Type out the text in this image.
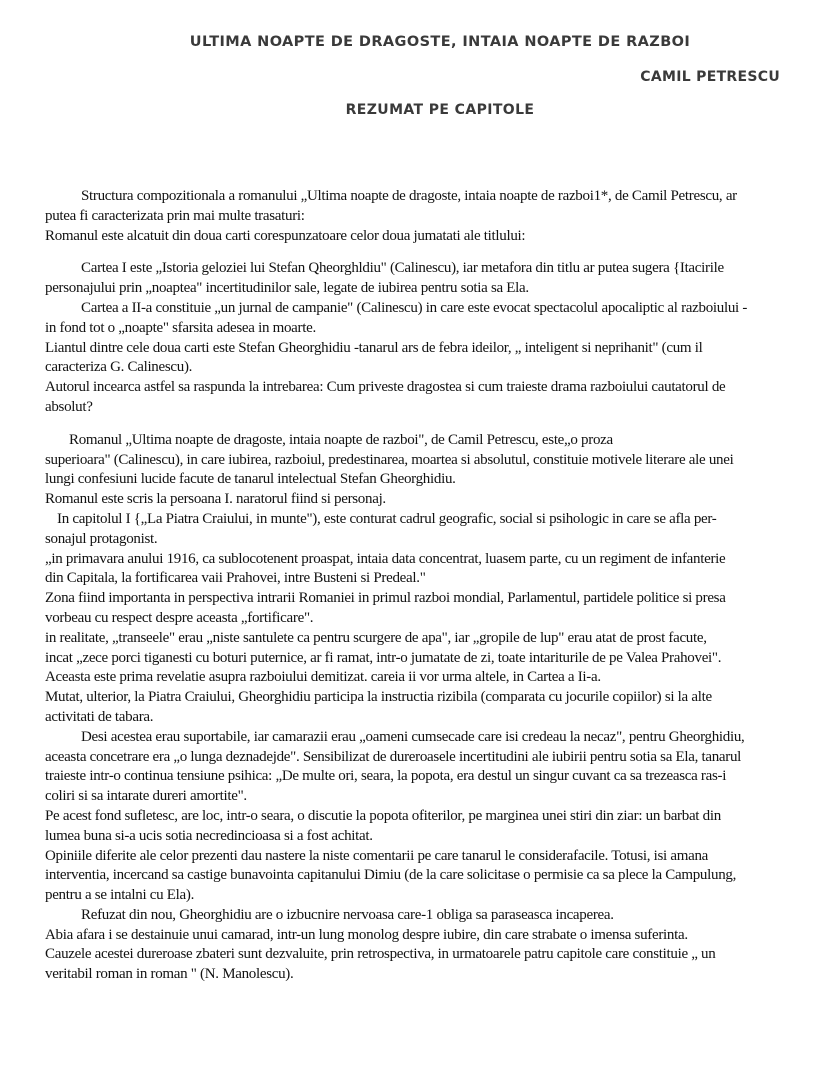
ULTIMA NOAPTE DE DRAGOSTE, INTAIA NOAPTE DE RAZBOI
CAMIL PETRESCU
REZUMAT PE CAPITOLE
Structura compozitionala a romanului „Ultima noapte de dragoste, intaia noapte de razboi1*, de Camil Petrescu, ar
putea fi caracterizata prin mai multe trasaturi:
Romanul este alcatuit din doua carti corespunzatoare celor doua jumatati ale titlului:
Cartea I este „Istoria geloziei lui Stefan Qheorghldiu" (Calinescu), iar metafora din titlu ar putea sugera {Itacirile
personajului prin „noaptea" incertitudinilor sale, legate de iubirea pentru sotia sa Ela.
Cartea a II-a constituie „un jurnal de campanie" (Calinescu) in care este evocat spectacolul apocaliptic al razboiului -
in fond tot o „noapte" sfarsita adesea in moarte.
Liantul dintre cele doua carti este Stefan Gheorghidiu -tanarul ars de febra ideilor, „ inteligent si neprihanit" (cum il
caracteriza G. Calinescu).
Autorul incearca astfel sa raspunda la intrebarea: Cum priveste dragostea si cum traieste drama razboiului cautatorul de
absolut?
Romanul „Ultima noapte de dragoste, intaia noapte de razboi", de Camil Petrescu, este„o proza
superioara" (Calinescu), in care iubirea, razboiul, predestinarea, moartea si absolutul, constituie motivele literare ale unei
lungi confesiuni lucide facute de tanarul intelectual Stefan Gheorghidiu.
Romanul este scris la persoana I. naratorul fiind si personaj.
In capitolul I {„La Piatra Craiului, in munte"), este conturat cadrul geografic, social si psihologic in care se afla per-
sonajul protagonist.
„in primavara anului 1916, ca sublocotenent proaspat, intaia data concentrat, luasem parte, cu un regiment de infanterie
din Capitala, la fortificarea vaii Prahovei, intre Busteni si Predeal."
Zona fiind importanta in perspectiva intrarii Romaniei in primul razboi mondial, Parlamentul, partidele politice si presa
vorbeau cu respect despre aceasta „fortificare".
in realitate, „transeele" erau „niste santulete ca pentru scurgere de apa", iar „gropile de lup" erau atat de prost facute,
incat „zece porci tiganesti cu boturi puternice, ar fi ramat, intr-o jumatate de zi, toate intariturile de pe Valea Prahovei".
Aceasta este prima revelatie asupra razboiului demitizat. careia ii vor urma altele, in Cartea a Ii-a.
Mutat, ulterior, la Piatra Craiului, Gheorghidiu participa la instructia rizibila (comparata cu jocurile copiilor) si la alte
activitati de tabara.
Desi acestea erau suportabile, iar camarazii erau „oameni cumsecade care isi credeau la necaz", pentru Gheorghidiu,
aceasta concetrare era „o lunga deznadejde". Sensibilizat de dureroasele incertitudini ale iubirii pentru sotia sa Ela, tanarul
traieste intr-o continua tensiune psihica: „De multe ori, seara, la popota, era destul un singur cuvant ca sa trezeasca ras-i
coliri si sa intarate dureri amortite".
Pe acest fond sufletesc, are loc, intr-o seara, o discutie la popota ofiterilor, pe marginea unei stiri din ziar: un barbat din
lumea buna si-a ucis sotia necredincioasa si a fost achitat.
Opiniile diferite ale celor prezenti dau nastere la niste comentarii pe care tanarul le considerafacile. Totusi, isi amana
interventia, incercand sa castige bunavointa capitanului Dimiu (de la care solicitase o permisie ca sa plece la Campulung,
pentru a se intalni cu Ela).
Refuzat din nou, Gheorghidiu are o izbucnire nervoasa care-1 obliga sa paraseasca incaperea.
Abia afara i se destainuie unui camarad, intr-un lung monolog despre iubire, din care strabate o imensa suferinta.
Cauzele acestei dureroase zbateri sunt dezvaluite, prin retrospectiva, in urmatoarele patru capitole care constituie „ un
veritabil roman in roman " (N. Manolescu).
